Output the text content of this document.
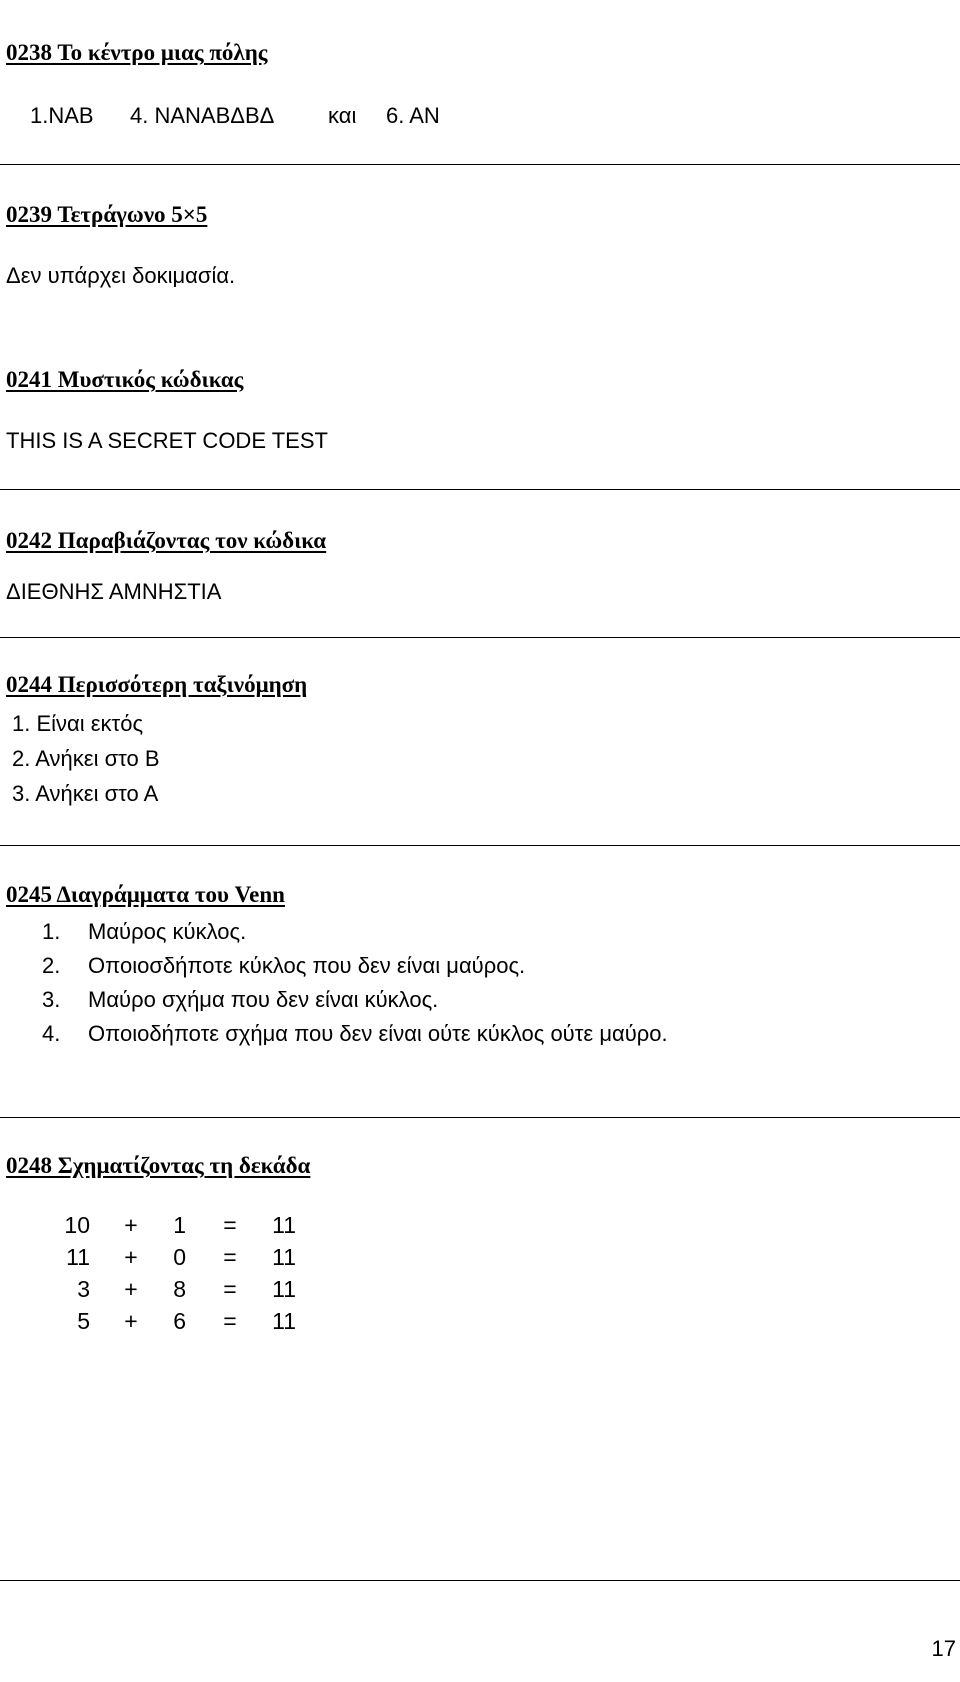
0238 Το κέντρο μιας πόλης
1.ΝΑΒ 4. ΝΑΝΑΒΔΒΔ και 6. ΑΝ
0239 Τετράγωνο 5×5
Δεν υπάρχει δοκιμασία.
0241 Μυστικός κώδικας
THIS IS A SECRET CODE TEST
0242 Παραβιάζοντας τον κώδικα
ΔΙΕΘΝΗΣ ΑΜΝΗΣΤΙΑ
0244 Περισσότερη ταξινόμηση
1. Είναι εκτός
2. Ανήκει στο Β
3. Ανήκει στο Α
0245 Διαγράμματα του Venn
1. Μαύρος κύκλος.
2. Οποιοσδήποτε κύκλος που δεν είναι μαύρος.
3. Μαύρο σχήμα που δεν είναι κύκλος.
4. Οποιοδήποτε σχήμα που δεν είναι ούτε κύκλος ούτε μαύρο.
0248 Σχηματίζοντας τη δεκάδα
10 +	1 =	11
11 +	0 =	11
3 +	8 =	11
5 +	6 =	11
17
